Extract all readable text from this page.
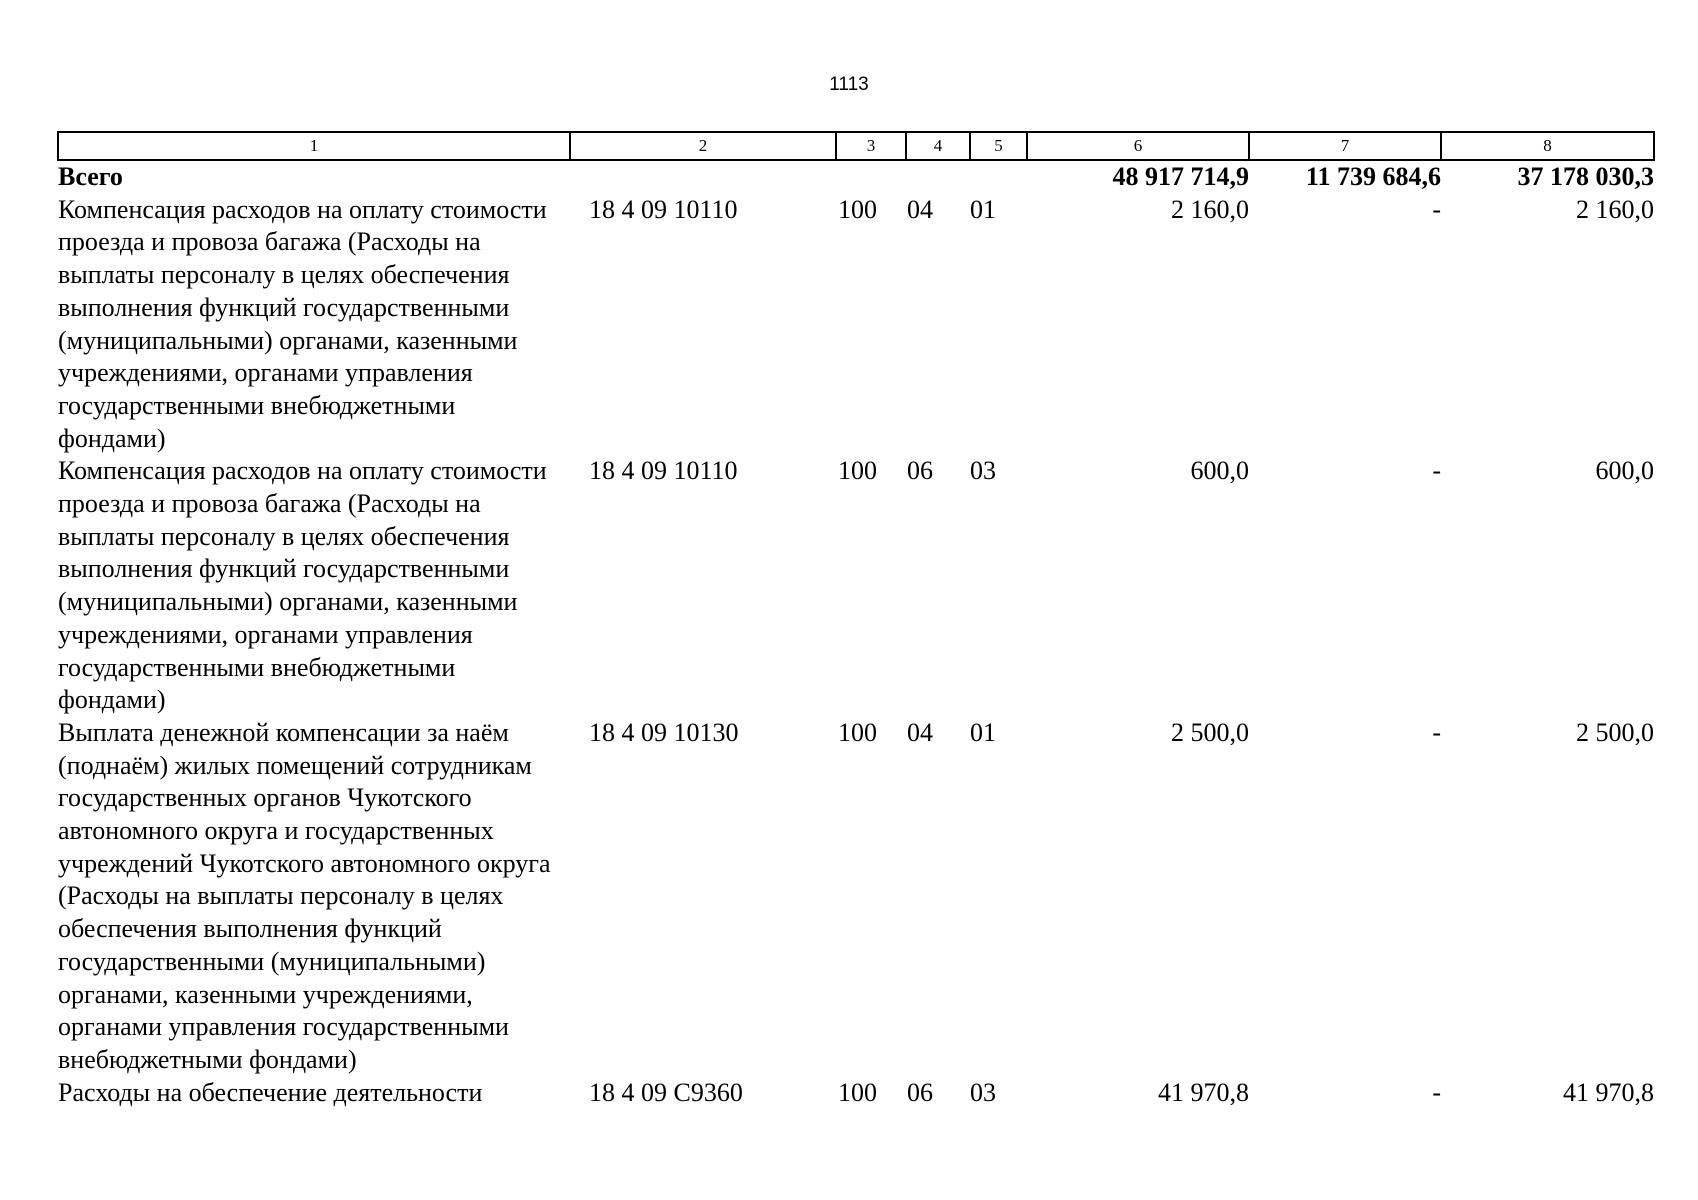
1113
1	2	3	4	5	6	7	8
Всего					48 917 714,9	11 739 684,6	37 178 030,3
Компенсация расходов на оплату стоимости проезда и провоза багажа (Расходы на выплаты персоналу в целях обеспечения выполнения функций государственными (муниципальными) органами, казенными учреждениями, органами управления государственными внебюджетными фондами)	18 4 09 10110	100	04	01	2 160,0	-	2 160,0
Компенсация расходов на оплату стоимости проезда и провоза багажа (Расходы на выплаты персоналу в целях обеспечения выполнения функций государственными (муниципальными) органами, казенными учреждениями, органами управления государственными внебюджетными фондами)	18 4 09 10110	100	06	03	600,0	-	600,0
Выплата денежной компенсации за наём (поднаём) жилых помещений сотрудникам государственных органов Чукотского автономного округа и государственных учреждений Чукотского автономного округа (Расходы на выплаты персоналу в целях обеспечения выполнения функций государственными (муниципальными) органами, казенными учреждениями, органами управления государственными внебюджетными фондами)	18 4 09 10130	100	04	01	2 500,0	-	2 500,0
Расходы на обеспечение деятельности	18 4 09 С9360	100	06	03	41 970,8	-	41 970,8
